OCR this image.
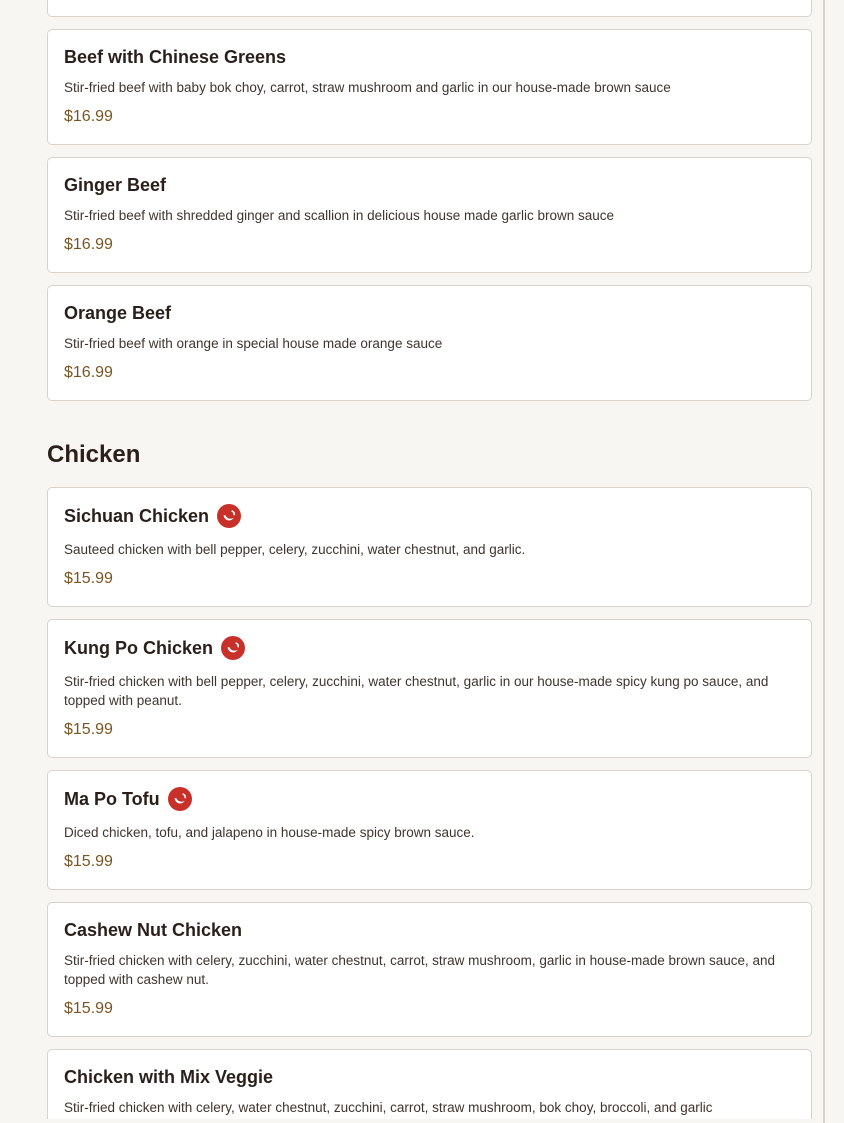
Beef with Chinese Greens
Stir-fried beef with baby bok choy, carrot, straw mushroom and garlic in our house-made brown sauce
$16.99
Ginger Beef
Stir-fried beef with shredded ginger and scallion in delicious house made garlic brown sauce
$16.99
Orange Beef
Stir-fried beef with orange in special house made orange sauce
$16.99
Chicken
Sichuan Chicken
Sauteed chicken with bell pepper, celery, zucchini, water chestnut, and garlic.
$15.99
Kung Po Chicken
Stir-fried chicken with bell pepper, celery, zucchini, water chestnut, garlic in our house-made spicy kung po sauce, and topped with peanut.
$15.99
Ma Po Tofu
Diced chicken, tofu, and jalapeno in house-made spicy brown sauce.
$15.99
Cashew Nut Chicken
Stir-fried chicken with celery, zucchini, water chestnut, carrot, straw mushroom, garlic in house-made brown sauce, and topped with cashew nut.
$15.99
Chicken with Mix Veggie
Stir-fried chicken with celery, water chestnut, zucchini, carrot, straw mushroom, bok choy, broccoli, and garlic
